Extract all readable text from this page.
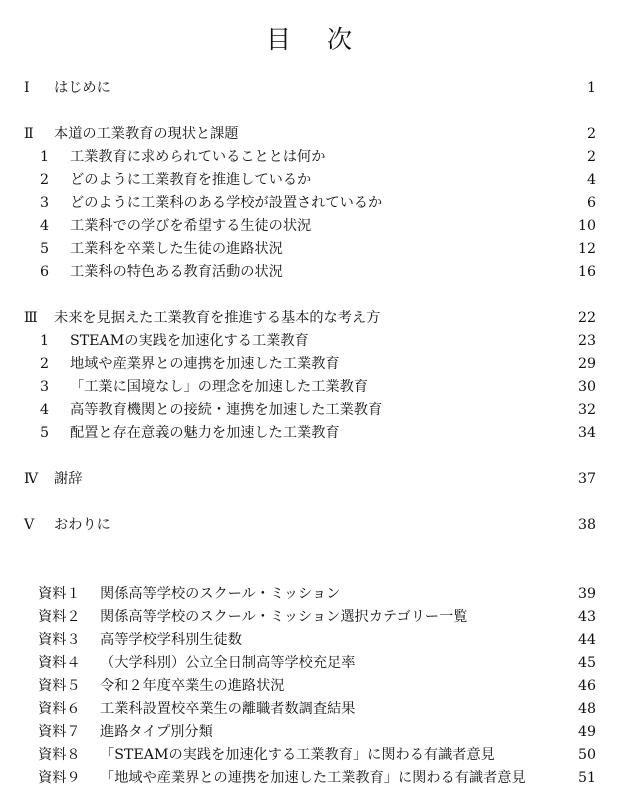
目 次
Ⅰ はじめに	1
Ⅱ 本道の工業教育の現状と課題	2
1 工業教育に求められていることとは何か	2
2 どのように工業教育を推進しているか	4
3 どのように工業科のある学校が設置されているか	6
4 工業科での学びを希望する生徒の状況	10
5 工業科を卒業した生徒の進路状況	12
6 工業科の特色ある教育活動の状況	16
Ⅲ 未来を見据えた工業教育を推進する基本的な考え方	22
1 STEAMの実践を加速化する工業教育	23
2 地域や産業界との連携を加速した工業教育	29
3 「工業に国境なし」の理念を加速した工業教育	30
4 高等教育機関との接続・連携を加速した工業教育	32
5 配置と存在意義の魅力を加速した工業教育	34
Ⅳ 謝辞	37
Ⅴ おわりに	38
資料１ 関係高等学校のスクール・ミッション	39
資料２ 関係高等学校のスクール・ミッション選択カテゴリー一覧	43
資料３ 高等学校学科別生徒数	44
資料４ （大学科別）公立全日制高等学校充足率	45
資料５ 令和２年度卒業生の進路状況	46
資料６ 工業科設置校卒業生の離職者数調査結果	48
資料７ 進路タイプ別分類	49
資料８ 「STEAMの実践を加速化する工業教育」に関わる有識者意見	50
資料９ 「地域や産業界との連携を加速した工業教育」に関わる有識者意見	51
